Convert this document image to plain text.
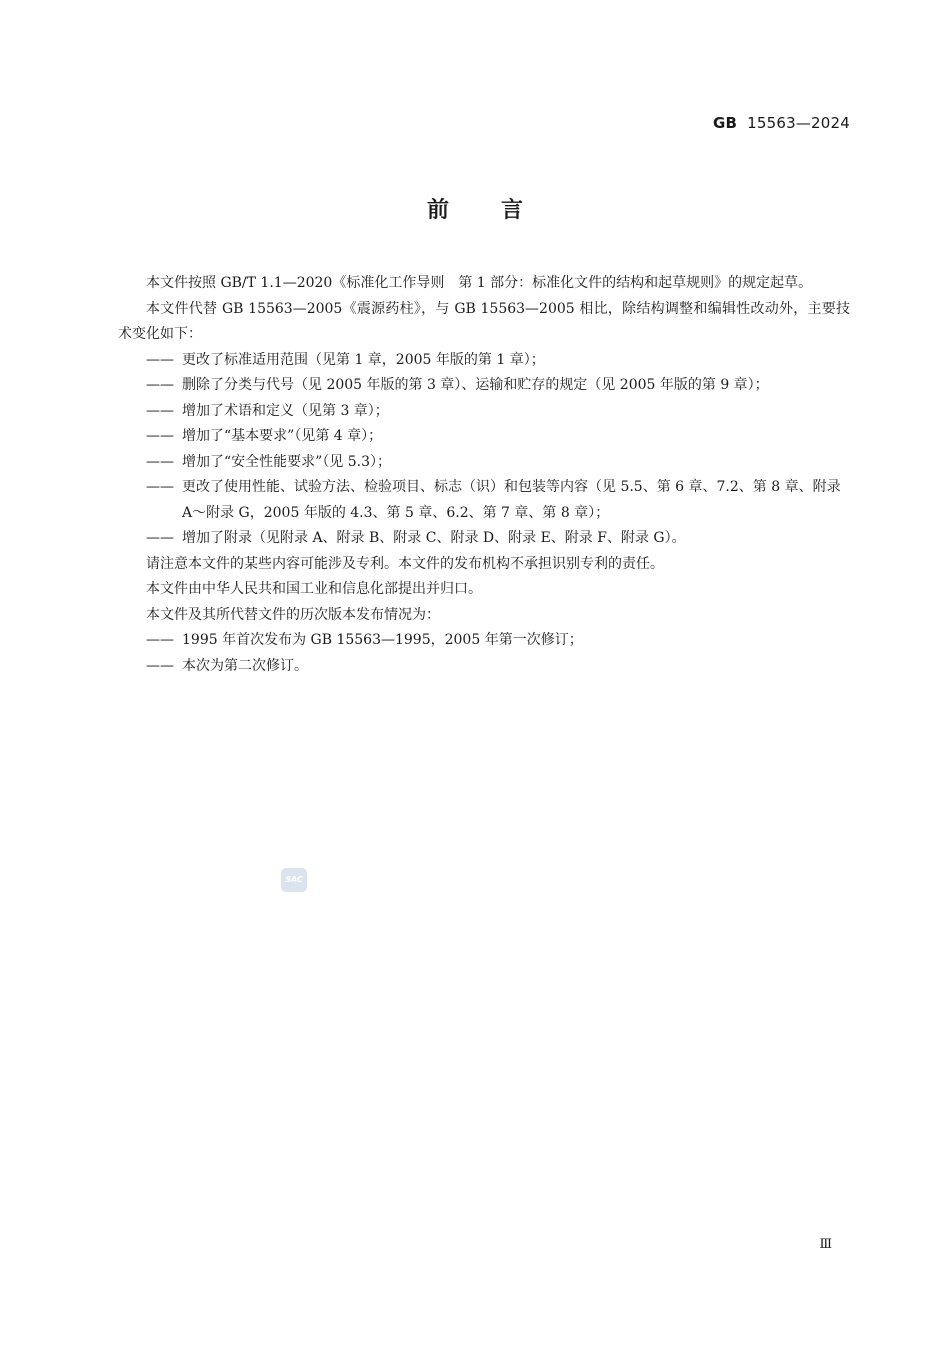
GB 15563—2024
前言

本文件按照 GB/T 1.1—2020《标准化工作导则　第 1 部分：标准化文件的结构和起草规则》的规定起草。

本文件代替 GB 15563—2005《震源药柱》，与 GB 15563—2005 相比，除结构调整和编辑性改动外，主要技术变化如下：

—— 更改了标准适用范围（见第 1 章，2005 年版的第 1 章）；

—— 删除了分类与代号（见 2005 年版的第 3 章）、运输和贮存的规定（见 2005 年版的第 9 章）；

—— 增加了术语和定义（见第 3 章）；

—— 增加了“基本要求”（见第 4 章）；

—— 增加了“安全性能要求”（见 5.3）；

—— 更改了使用性能、试验方法、检验项目、标志（识）和包装等内容（见 5.5、第 6 章、7.2、第 8 章、附录 A～附录 G，2005 年版的 4.3、第 5 章、6.2、第 7 章、第 8 章）；

—— 增加了附录（见附录 A、附录 B、附录 C、附录 D、附录 E、附录 F、附录 G）。

请注意本文件的某些内容可能涉及专利。本文件的发布机构不承担识别专利的责任。

本文件由中华人民共和国工业和信息化部提出并归口。

本文件及其所代替文件的历次版本发布情况为：

—— 1995 年首次发布为 GB 15563—1995，2005 年第一次修订；

—— 本次为第二次修订。

SAC
Ⅲ
